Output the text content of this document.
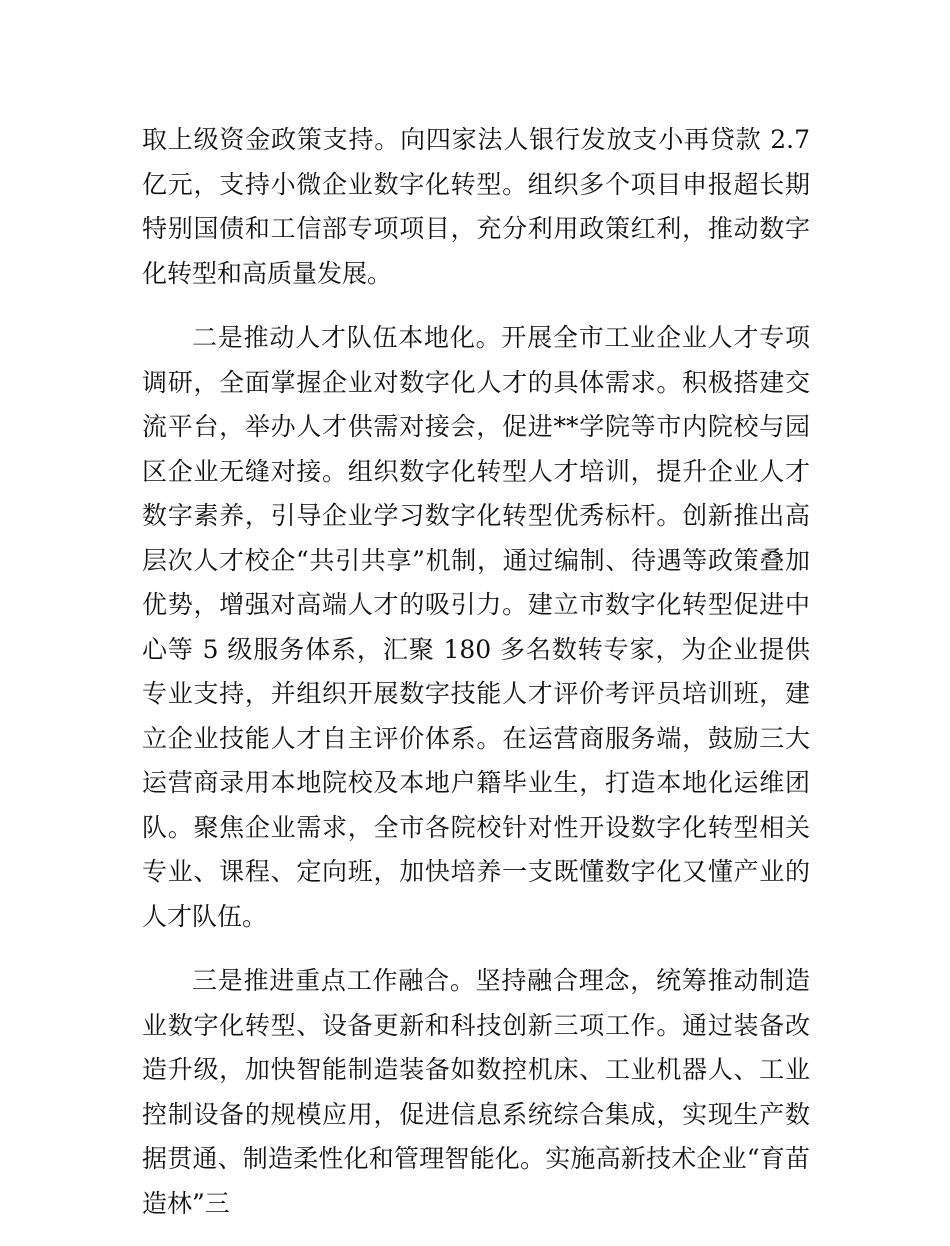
取上级资金政策支持。向四家法人银行发放支小再贷款 2.7 亿元，支持小微企业数字化转型。组织多个项目申报超长期特别国债和工信部专项项目，充分利用政策红利，推动数字化转型和高质量发展。

二是推动人才队伍本地化。开展全市工业企业人才专项调研，全面掌握企业对数字化人才的具体需求。积极搭建交流平台，举办人才供需对接会，促进**学院等市内院校与园区企业无缝对接。组织数字化转型人才培训，提升企业人才数字素养，引导企业学习数字化转型优秀标杆。创新推出高层次人才校企“共引共享”机制，通过编制、待遇等政策叠加优势，增强对高端人才的吸引力。建立市数字化转型促进中心等 5 级服务体系，汇聚 180 多名数转专家，为企业提供专业支持，并组织开展数字技能人才评价考评员培训班，建立企业技能人才自主评价体系。在运营商服务端，鼓励三大运营商录用本地院校及本地户籍毕业生，打造本地化运维团队。聚焦企业需求，全市各院校针对性开设数字化转型相关专业、课程、定向班，加快培养一支既懂数字化又懂产业的人才队伍。

三是推进重点工作融合。坚持融合理念，统筹推动制造业数字化转型、设备更新和科技创新三项工作。通过装备改造升级，加快智能制造装备如数控机床、工业机器人、工业控制设备的规模应用，促进信息系统综合集成，实现生产数据贯通、制造柔性化和管理智能化。实施高新技术企业“育苗造林”三
